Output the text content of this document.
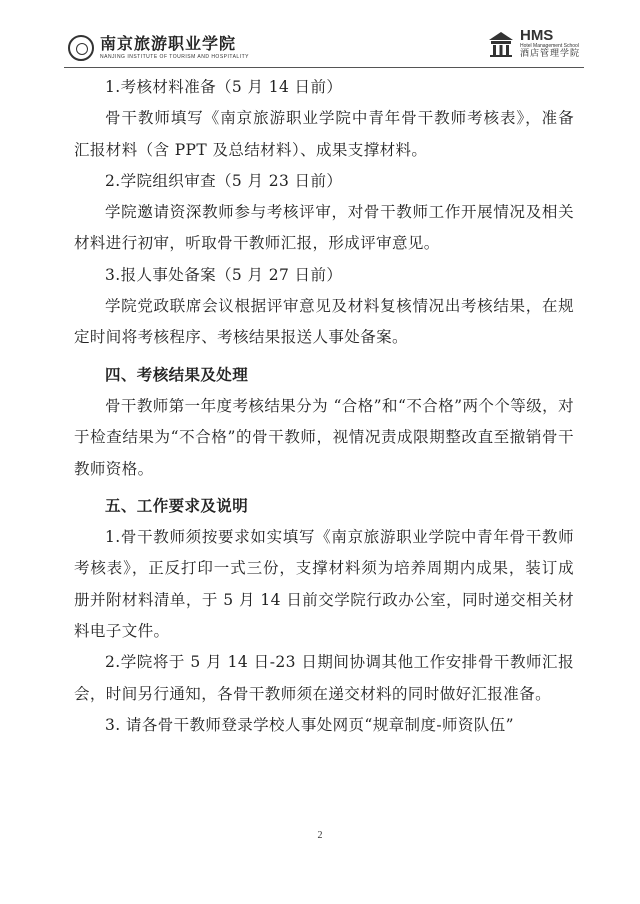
南京旅游职业学院
NANJING INSTITUTE OF TOURISM AND HOSPITALITY
HMS
Hotel Management School
酒店管理学院

1.考核材料准备（5 月 14 日前）

骨干教师填写《南京旅游职业学院中青年骨干教师考核表》，准备汇报材料（含 PPT 及总结材料）、成果支撑材料。

2.学院组织审查（5 月 23 日前）

学院邀请资深教师参与考核评审，对骨干教师工作开展情况及相关材料进行初审，听取骨干教师汇报，形成评审意见。

3.报人事处备案（5 月 27 日前）

学院党政联席会议根据评审意见及材料复核情况出考核结果，在规定时间将考核程序、考核结果报送人事处备案。

四、考核结果及处理

骨干教师第一年度考核结果分为 “合格”和“不合格”两个个等级，对于检查结果为“不合格”的骨干教师，视情况责成限期整改直至撤销骨干教师资格。

五、工作要求及说明

1.骨干教师须按要求如实填写《南京旅游职业学院中青年骨干教师考核表》，正反打印一式三份，支撑材料须为培养周期内成果，装订成册并附材料清单，于 5 月 14 日前交学院行政办公室，同时递交相关材料电子文件。

2.学院将于 5 月 14 日-23 日期间协调其他工作安排骨干教师汇报会，时间另行通知，各骨干教师须在递交材料的同时做好汇报准备。

3. 请各骨干教师登录学校人事处网页“规章制度-师资队伍”

2
